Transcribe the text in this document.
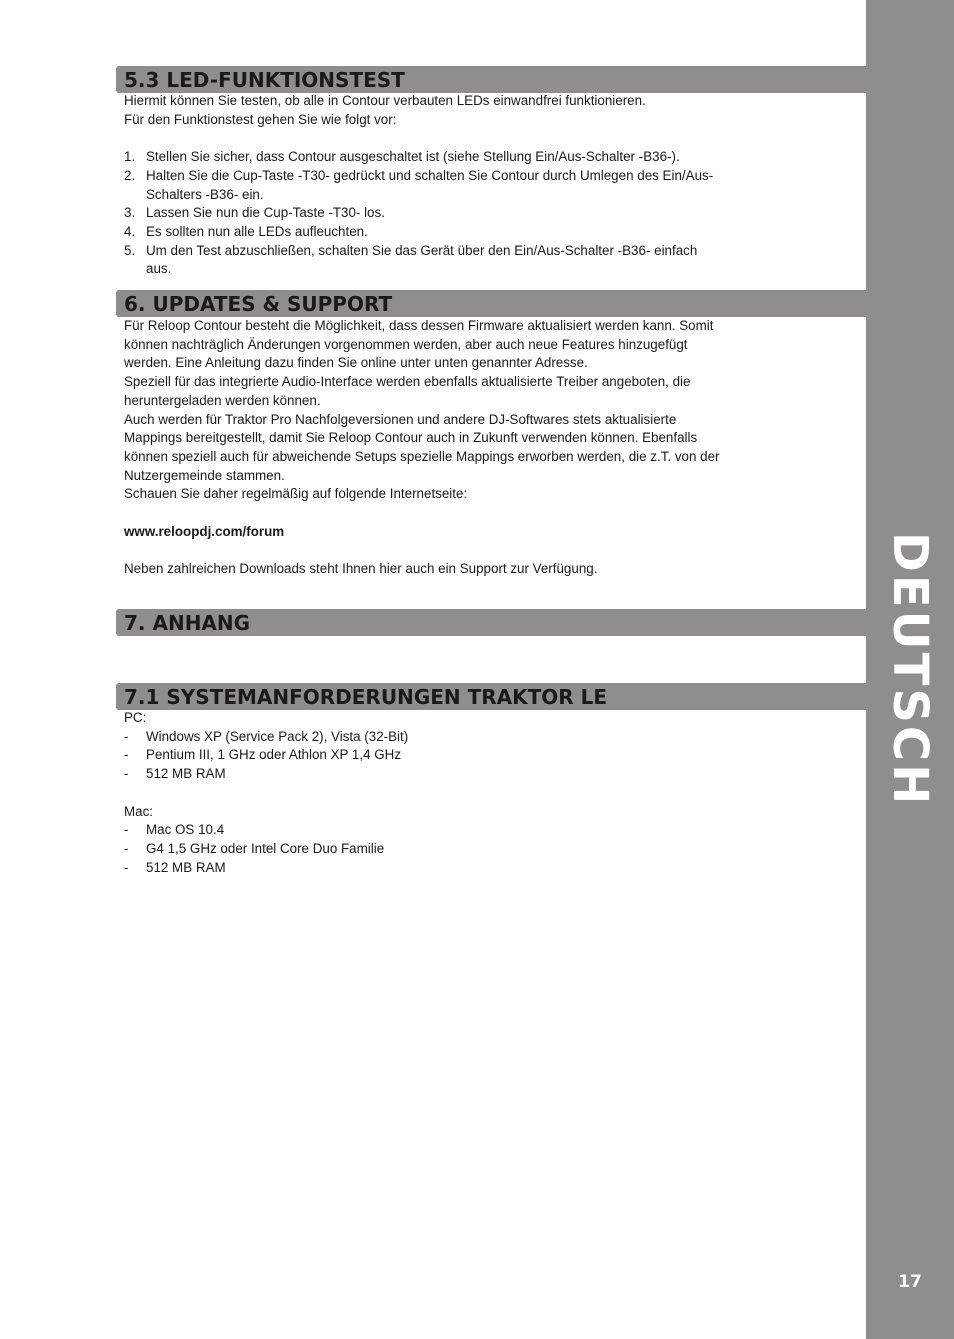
DEUTSCH
17
5.3 LED-FUNKTIONSTEST
Hiermit können Sie testen, ob alle in Contour verbauten LEDs einwandfrei funktionieren.
Für den Funktionstest gehen Sie wie folgt vor:

1. Stellen Sie sicher, dass Contour ausgeschaltet ist (siehe Stellung Ein/Aus-Schalter -B36-).
2. Halten Sie die Cup-Taste -T30- gedrückt und schalten Sie Contour durch Umlegen des Ein/Aus-
Schalters -B36- ein.
3. Lassen Sie nun die Cup-Taste -T30- los.
4. Es sollten nun alle LEDs aufleuchten.
5. Um den Test abzuschließen, schalten Sie das Gerät über den Ein/Aus-Schalter -B36- einfach
aus.
6. UPDATES & SUPPORT
Für Reloop Contour besteht die Möglichkeit, dass dessen Firmware aktualisiert werden kann. Somit
können nachträglich Änderungen vorgenommen werden, aber auch neue Features hinzugefügt
werden. Eine Anleitung dazu finden Sie online unter unten genannter Adresse.
Speziell für das integrierte Audio-Interface werden ebenfalls aktualisierte Treiber angeboten, die
heruntergeladen werden können.
Auch werden für Traktor Pro Nachfolgeversionen und andere DJ-Softwares stets aktualisierte
Mappings bereitgestellt, damit Sie Reloop Contour auch in Zukunft verwenden können. Ebenfalls
können speziell auch für abweichende Setups spezielle Mappings erworben werden, die z.T. von der
Nutzergemeinde stammen.
Schauen Sie daher regelmäßig auf folgende Internetseite:

www.reloopdj.com/forum

Neben zahlreichen Downloads steht Ihnen hier auch ein Support zur Verfügung.
7. ANHANG
7.1 SYSTEMANFORDERUNGEN TRAKTOR LE
PC:
- Windows XP (Service Pack 2), Vista (32-Bit)
- Pentium III, 1 GHz oder Athlon XP 1,4 GHz
- 512 MB RAM

Mac:
- Mac OS 10.4
- G4 1,5 GHz oder Intel Core Duo Familie
- 512 MB RAM
